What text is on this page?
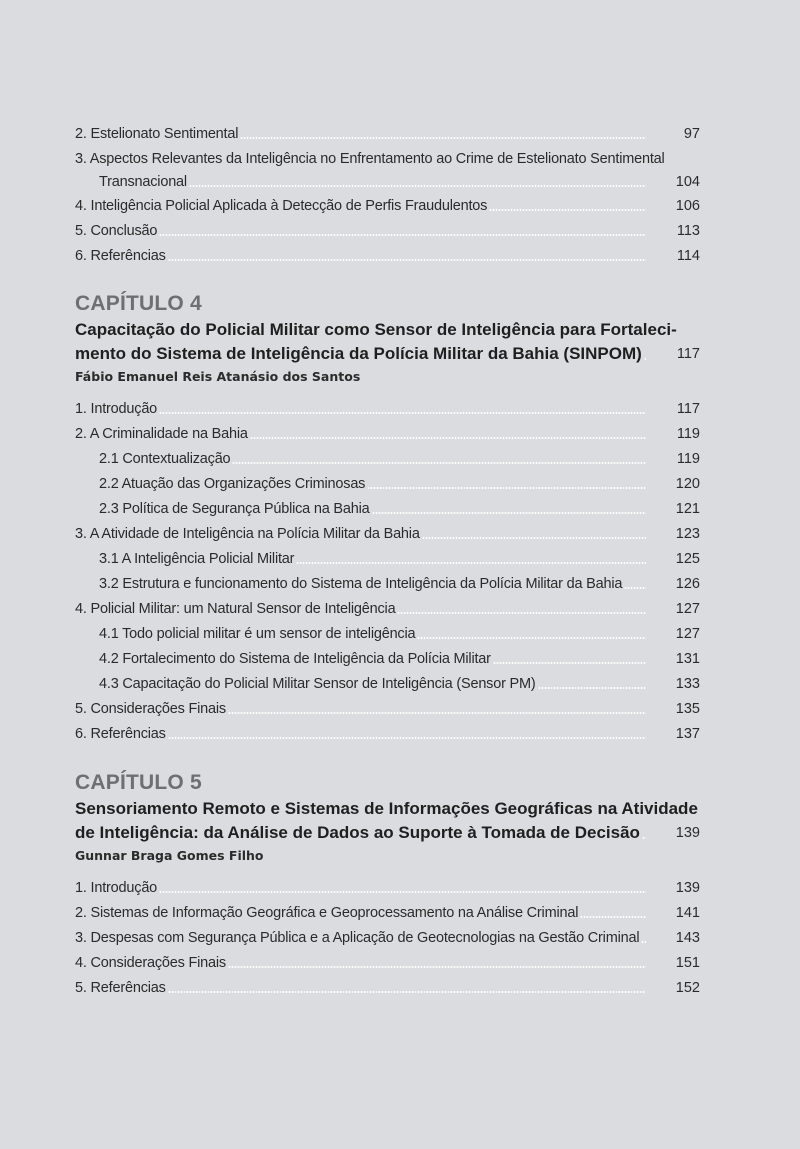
2. Estelionato Sentimental	97
3. Aspectos Relevantes da Inteligência no Enfrentamento ao Crime de Estelionato Sentimental
Transnacional	104
4. Inteligência Policial Aplicada à Detecção de Perfis Fraudulentos	106
5. Conclusão	113
6. Referências	114
CAPÍTULO 4
Capacitação do Policial Militar como Sensor de Inteligência para Fortaleci-
mento do Sistema de Inteligência da Polícia Militar da Bahia (SINPOM)	117
Fábio Emanuel Reis Atanásio dos Santos
1. Introdução	117
2. A Criminalidade na Bahia	119
2.1 Contextualização	119
2.2 Atuação das Organizações Criminosas	120
2.3 Política de Segurança Pública na Bahia	121
3. A Atividade de Inteligência na Polícia Militar da Bahia	123
3.1 A Inteligência Policial Militar	125
3.2 Estrutura e funcionamento do Sistema de Inteligência da Polícia Militar da Bahia	126
4. Policial Militar: um Natural Sensor de Inteligência	127
4.1 Todo policial militar é um sensor de inteligência	127
4.2 Fortalecimento do Sistema de Inteligência da Polícia Militar	131
4.3 Capacitação do Policial Militar Sensor de Inteligência (Sensor PM)	133
5. Considerações Finais	135
6. Referências	137
CAPÍTULO 5
Sensoriamento Remoto e Sistemas de Informações Geográficas na Atividade
de Inteligência: da Análise de Dados ao Suporte à Tomada de Decisão 139
Gunnar Braga Gomes Filho
1. Introdução	139
2. Sistemas de Informação Geográfica e Geoprocessamento na Análise Criminal	141
3. Despesas com Segurança Pública e a Aplicação de Geotecnologias na Gestão Criminal	143
4. Considerações Finais	151
5. Referências	152
